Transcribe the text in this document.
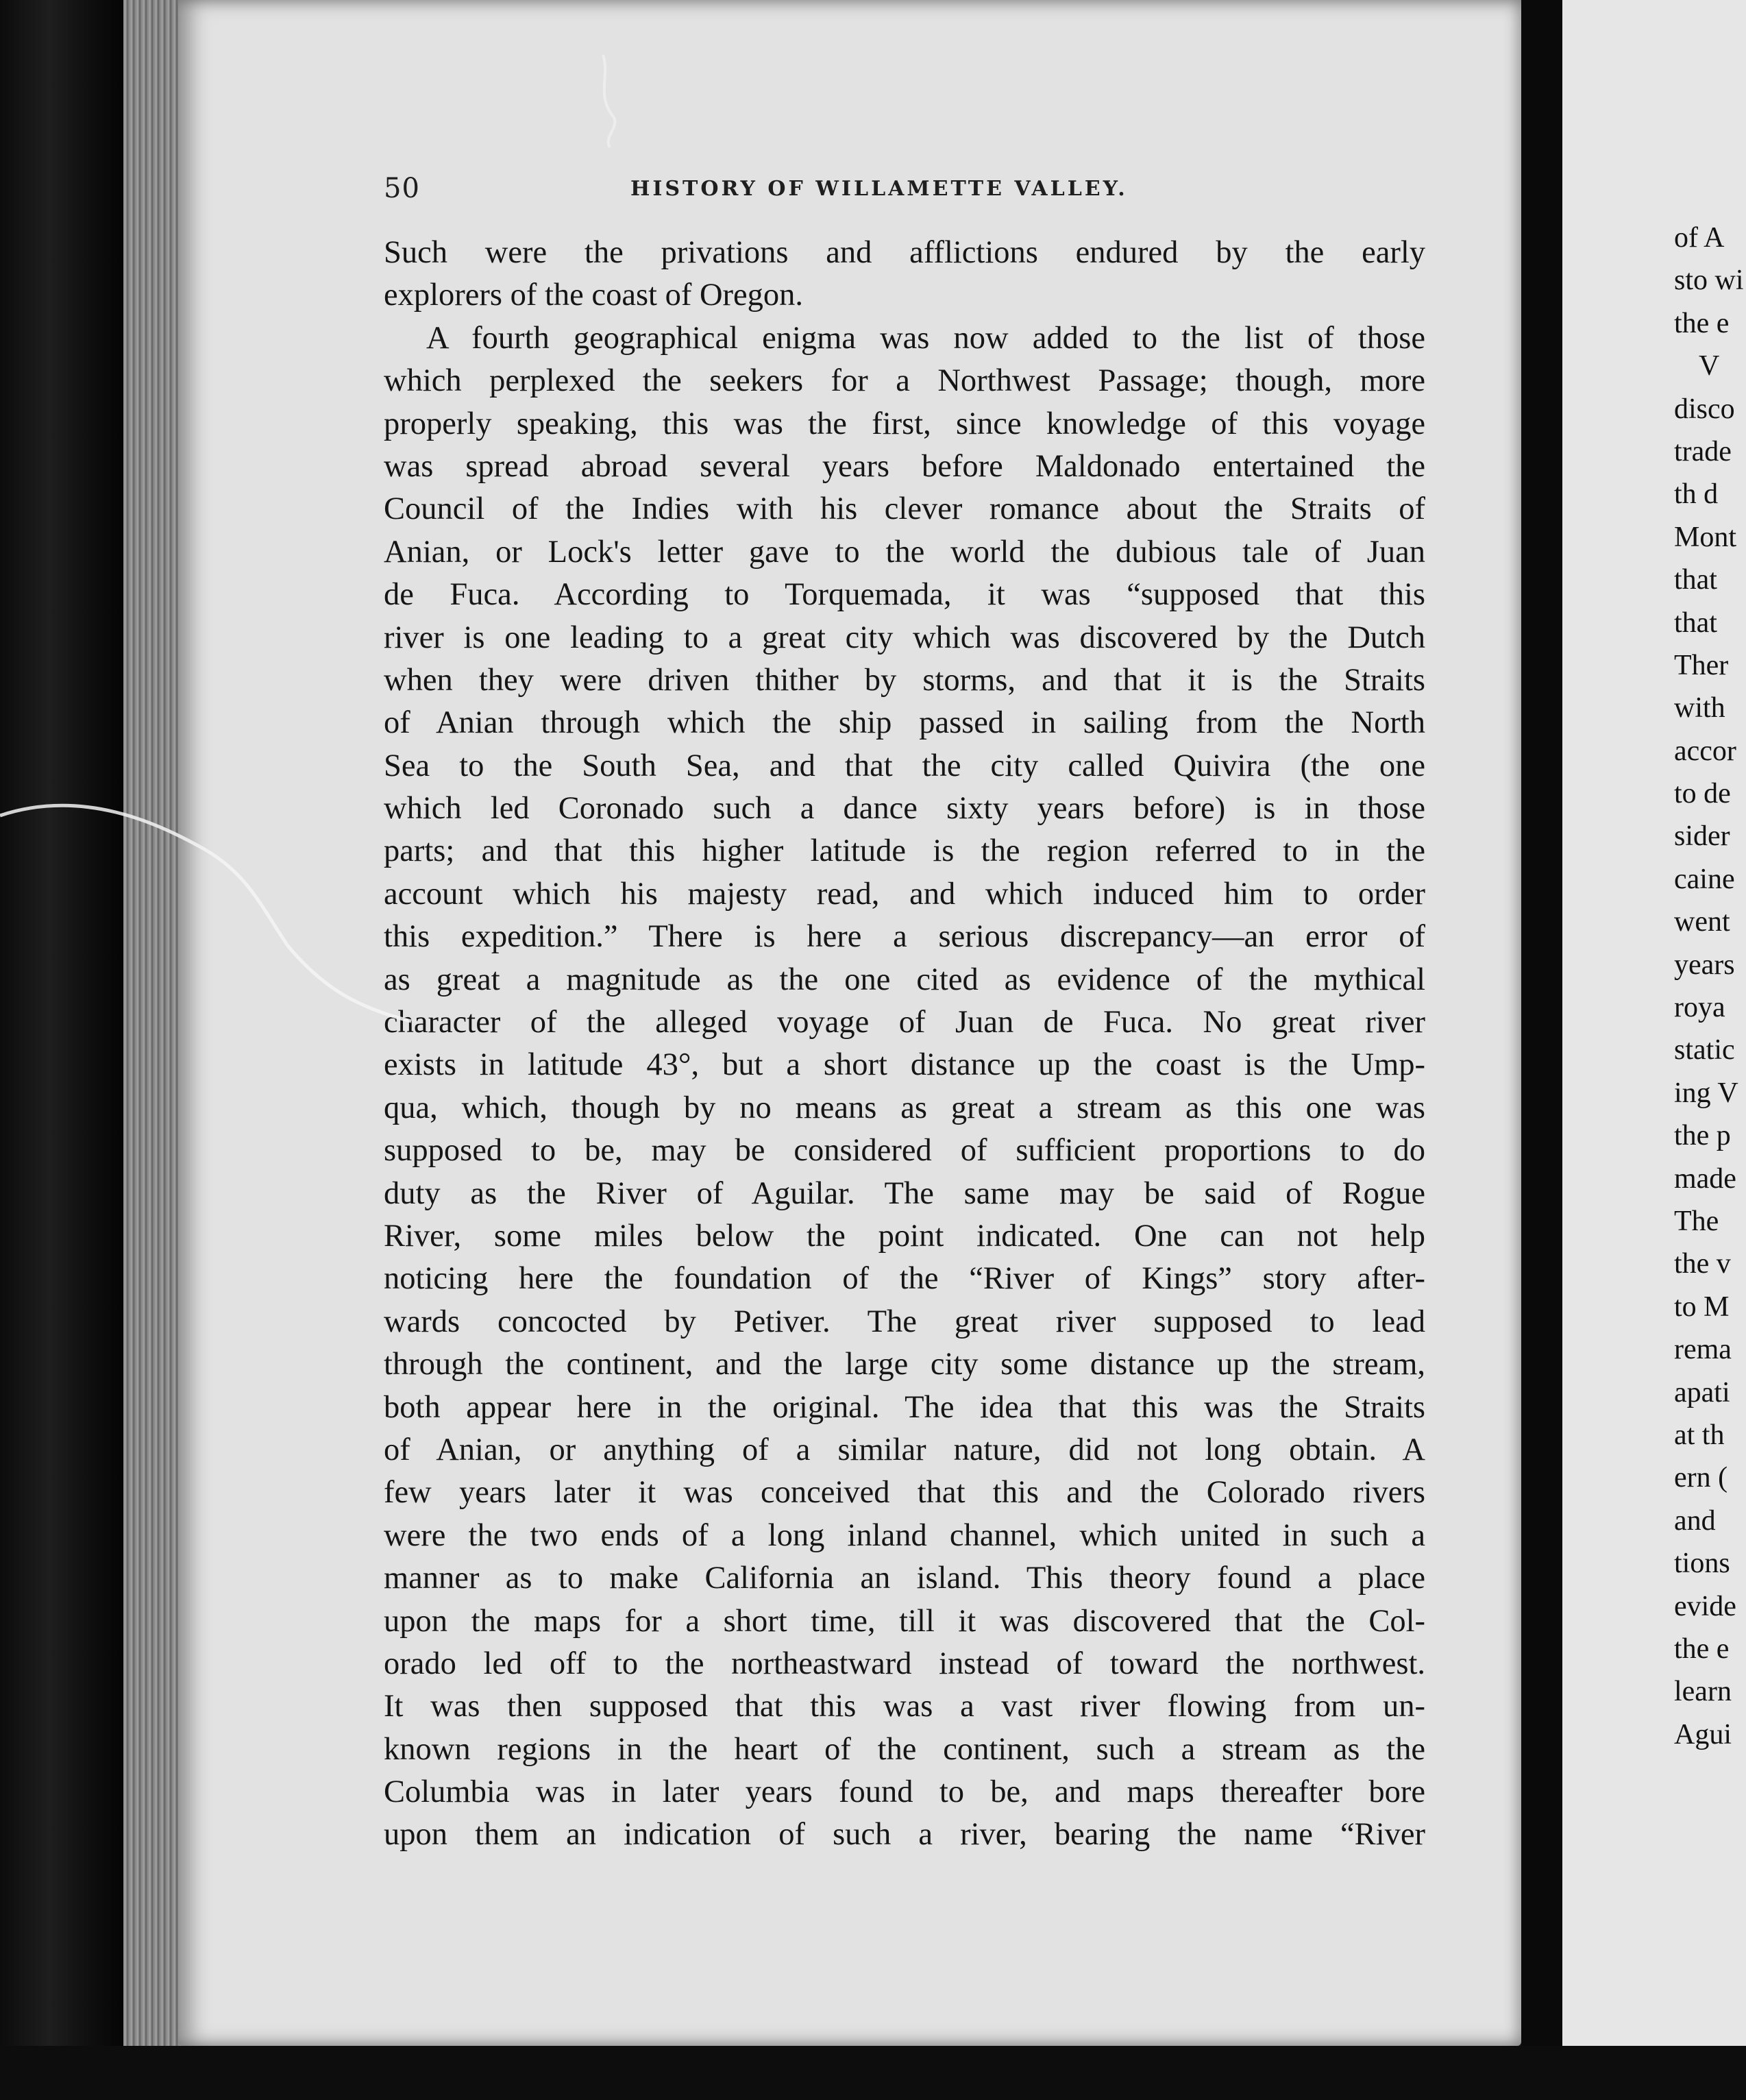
50	HISTORY OF WILLAMETTE VALLEY.
Such were the privations and afflictions endured by the early
explorers of the coast of Oregon.
A fourth geographical enigma was now added to the list of those
which perplexed the seekers for a Northwest Passage; though, more
properly speaking, this was the first, since knowledge of this voyage
was spread abroad several years before Maldonado entertained the
Council of the Indies with his clever romance about the Straits of
Anian, or Lock's letter gave to the world the dubious tale of Juan
de Fuca. According to Torquemada, it was “supposed that this
river is one leading to a great city which was discovered by the Dutch
when they were driven thither by storms, and that it is the Straits
of Anian through which the ship passed in sailing from the North
Sea to the South Sea, and that the city called Quivira (the one
which led Coronado such a dance sixty years before) is in those
parts; and that this higher latitude is the region referred to in the
account which his majesty read, and which induced him to order
this expedition.” There is here a serious discrepancy—an error of
as great a magnitude as the one cited as evidence of the mythical
character of the alleged voyage of Juan de Fuca. No great river
exists in latitude 43°, but a short distance up the coast is the Ump-
qua, which, though by no means as great a stream as this one was
supposed to be, may be considered of sufficient proportions to do
duty as the River of Aguilar. The same may be said of Rogue
River, some miles below the point indicated. One can not help
noticing here the foundation of the “River of Kings” story after-
wards concocted by Petiver. The great river supposed to lead
through the continent, and the large city some distance up the stream,
both appear here in the original. The idea that this was the Straits
of Anian, or anything of a similar nature, did not long obtain. A
few years later it was conceived that this and the Colorado rivers
were the two ends of a long inland channel, which united in such a
manner as to make California an island. This theory found a place
upon the maps for a short time, till it was discovered that the Col-
orado led off to the northeastward instead of toward the northwest.
It was then supposed that this was a vast river flowing from un-
known regions in the heart of the continent, such a stream as the
Columbia was in later years found to be, and maps thereafter bore
upon them an indication of such a river, bearing the name “River
of A
sto wi
the e
V
disco
trade
th d
Mont
that
that
Ther
with
accor
to de
sider
caine
went
years
roya
static
ing V
the p
made
The
the v
to M
rema
apati
at th
ern (
and
tions
evide
the e
learn
Agui
